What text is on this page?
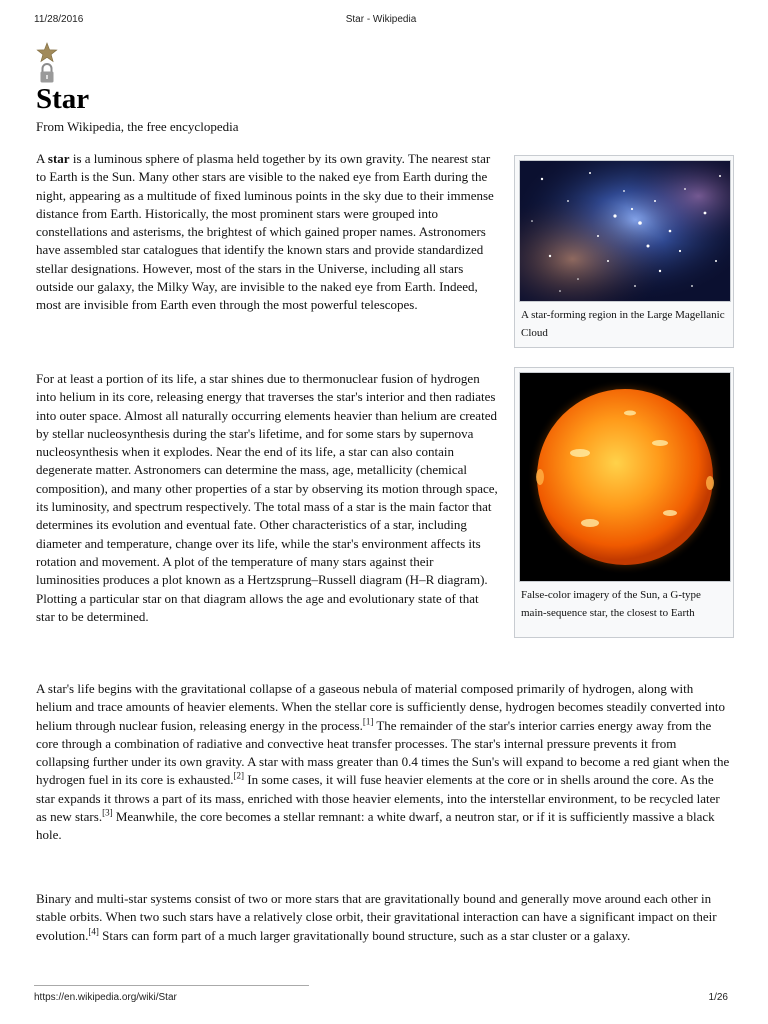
11/28/2016	Star - Wikipedia
Star
From Wikipedia, the free encyclopedia

A star is a luminous sphere of plasma held together by its own gravity. The nearest star to Earth is the Sun. Many other stars are visible to the naked eye from Earth during the night, appearing as a multitude of fixed luminous points in the sky due to their immense distance from Earth. Historically, the most prominent stars were grouped into constellations and asterisms, the brightest of which gained proper names. Astronomers have assembled star catalogues that identify the known stars and provide standardized stellar designations. However, most of the stars in the Universe, including all stars outside our galaxy, the Milky Way, are invisible to the naked eye from Earth. Indeed, most are invisible from Earth even through the most powerful telescopes.

A star-forming region in the Large Magellanic Cloud

For at least a portion of its life, a star shines due to thermonuclear fusion of hydrogen into helium in its core, releasing energy that traverses the star's interior and then radiates into outer space. Almost all naturally occurring elements heavier than helium are created by stellar nucleosynthesis during the star's lifetime, and for some stars by supernova nucleosynthesis when it explodes. Near the end of its life, a star can also contain degenerate matter. Astronomers can determine the mass, age, metallicity (chemical composition), and many other properties of a star by observing its motion through space, its luminosity, and spectrum respectively. The total mass of a star is the main factor that determines its evolution and eventual fate. Other characteristics of a star, including diameter and temperature, change over its life, while the star's environment affects its rotation and movement. A plot of the temperature of many stars against their luminosities produces a plot known as a Hertzsprung–Russell diagram (H–R diagram). Plotting a particular star on that diagram allows the age and evolutionary state of that star to be determined.

False-color imagery of the Sun, a G-type main-sequence star, the closest to Earth

A star's life begins with the gravitational collapse of a gaseous nebula of material composed primarily of hydrogen, along with helium and trace amounts of heavier elements. When the stellar core is sufficiently dense, hydrogen becomes steadily converted into helium through nuclear fusion, releasing energy in the process.[1] The remainder of the star's interior carries energy away from the core through a combination of radiative and convective heat transfer processes. The star's internal pressure prevents it from collapsing further under its own gravity. A star with mass greater than 0.4 times the Sun's will expand to become a red giant when the hydrogen fuel in its core is exhausted.[2] In some cases, it will fuse heavier elements at the core or in shells around the core. As the star expands it throws a part of its mass, enriched with those heavier elements, into the interstellar environment, to be recycled later as new stars.[3] Meanwhile, the core becomes a stellar remnant: a white dwarf, a neutron star, or if it is sufficiently massive a black hole.

Binary and multi-star systems consist of two or more stars that are gravitationally bound and generally move around each other in stable orbits. When two such stars have a relatively close orbit, their gravitational interaction can have a significant impact on their evolution.[4] Stars can form part of a much larger gravitationally bound structure, such as a star cluster or a galaxy.

https://en.wikipedia.org/wiki/Star	1/26
